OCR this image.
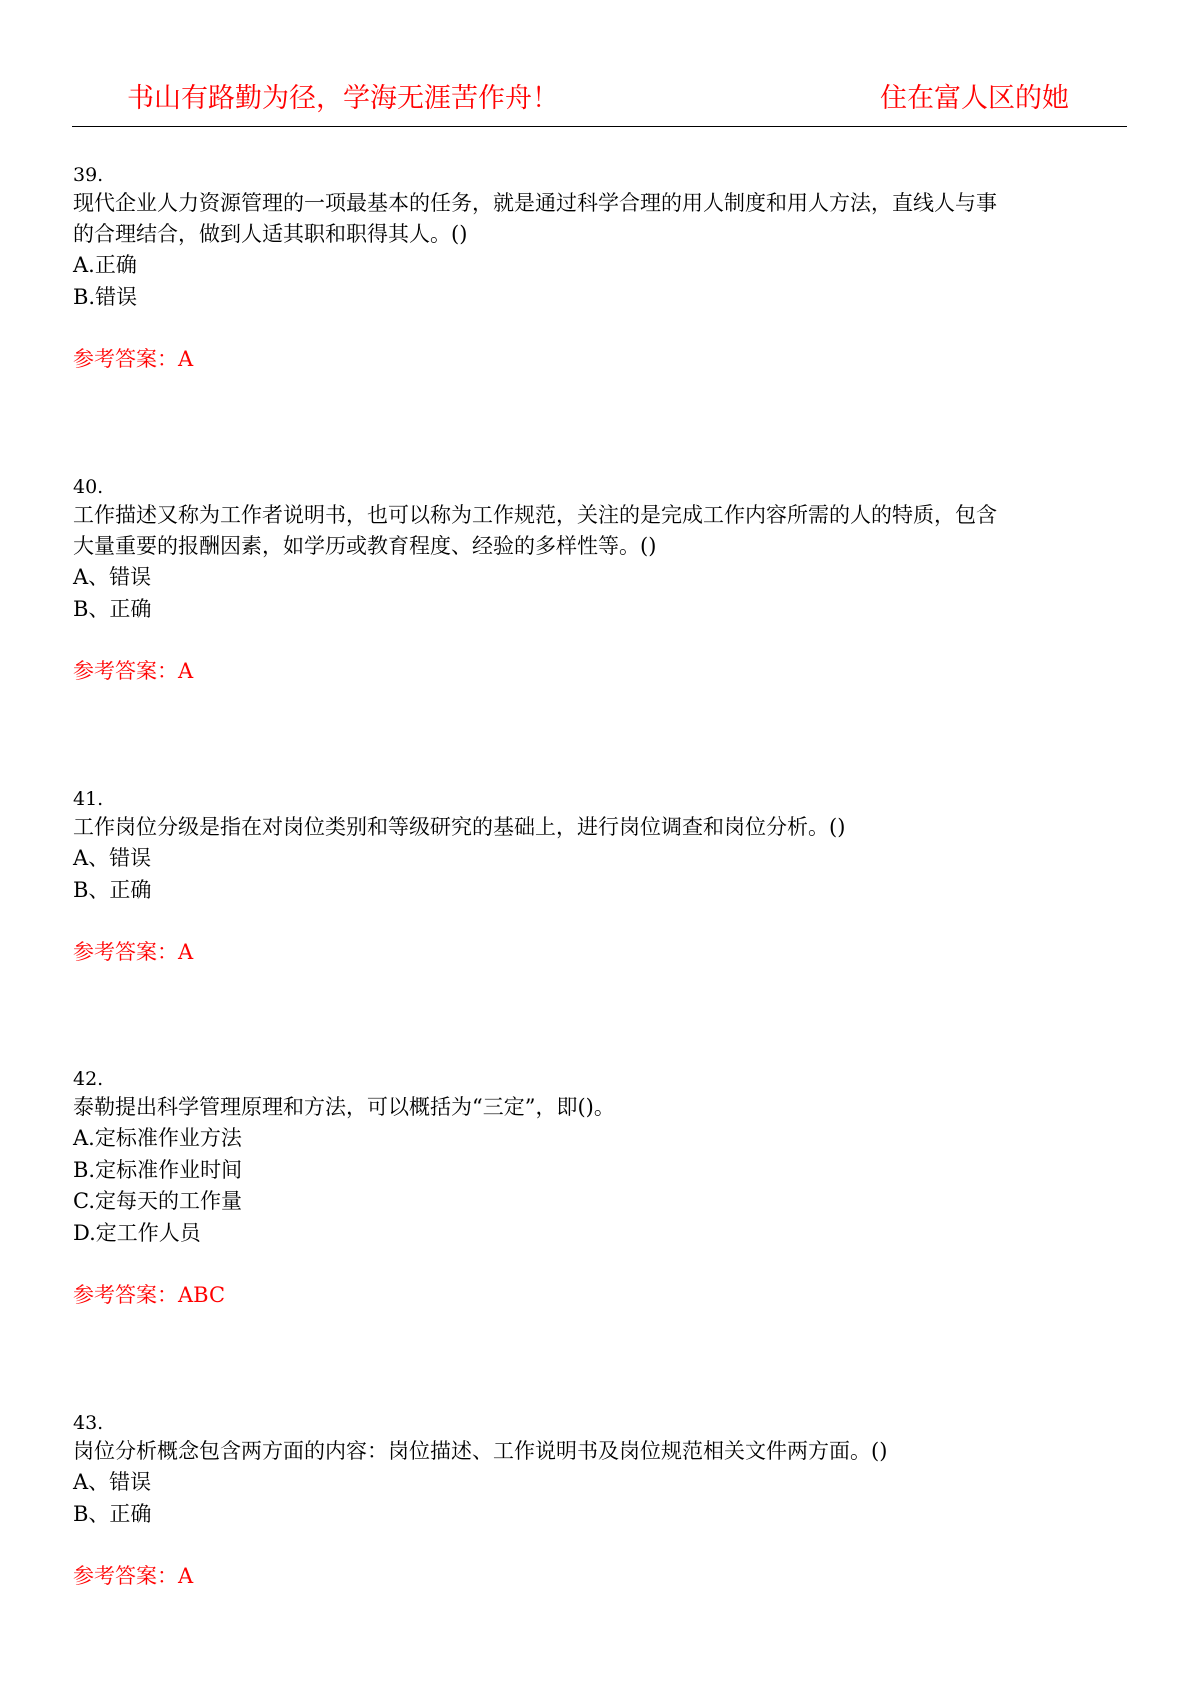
书山有路勤为径，学海无涯苦作舟！	住在富人区的她
39.
现代企业人力资源管理的一项最基本的任务，就是通过科学合理的用人制度和用人方法，直线人与事
的合理结合，做到人适其职和职得其人。()
A.正确
B.错误
参考答案：A
40.
工作描述又称为工作者说明书，也可以称为工作规范，关注的是完成工作内容所需的人的特质，包含
大量重要的报酬因素，如学历或教育程度、经验的多样性等。()
A、错误
B、正确
参考答案：A
41.
工作岗位分级是指在对岗位类别和等级研究的基础上，进行岗位调查和岗位分析。()
A、错误
B、正确
参考答案：A
42.
泰勒提出科学管理原理和方法，可以概括为“三定”，即()。
A.定标准作业方法
B.定标准作业时间
C.定每天的工作量
D.定工作人员
参考答案：ABC
43.
岗位分析概念包含两方面的内容：岗位描述、工作说明书及岗位规范相关文件两方面。()
A、错误
B、正确
参考答案：A
